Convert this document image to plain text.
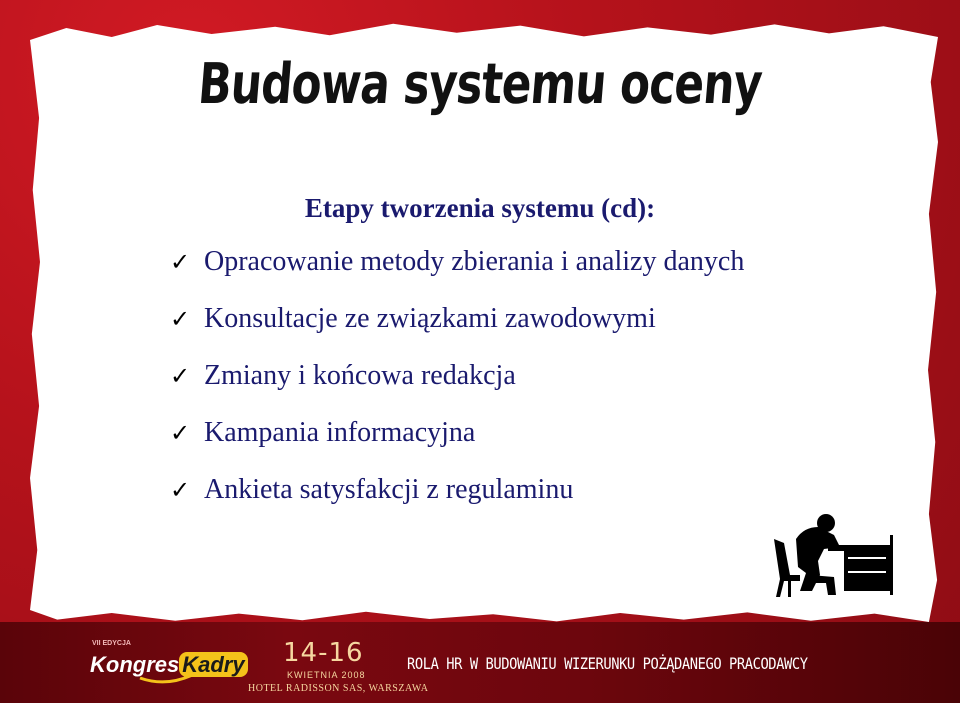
Budowa systemu oceny
Etapy tworzenia systemu (cd):
✓ Opracowanie metody zbierania i analizy danych
✓ Konsultacje ze związkami zawodowymi
✓ Zmiany i końcowa redakcja
✓ Kampania informacyjna
✓ Ankieta satysfakcji z regulaminu
VII EDYCJA
Kongres Kadry 14-16
KWIETNIA 2008
HOTEL RADISSON SAS, WARSZAWA
ROLA HR W BUDOWANIU WIZERUNKU POŻĄDANEGO PRACODAWCY
